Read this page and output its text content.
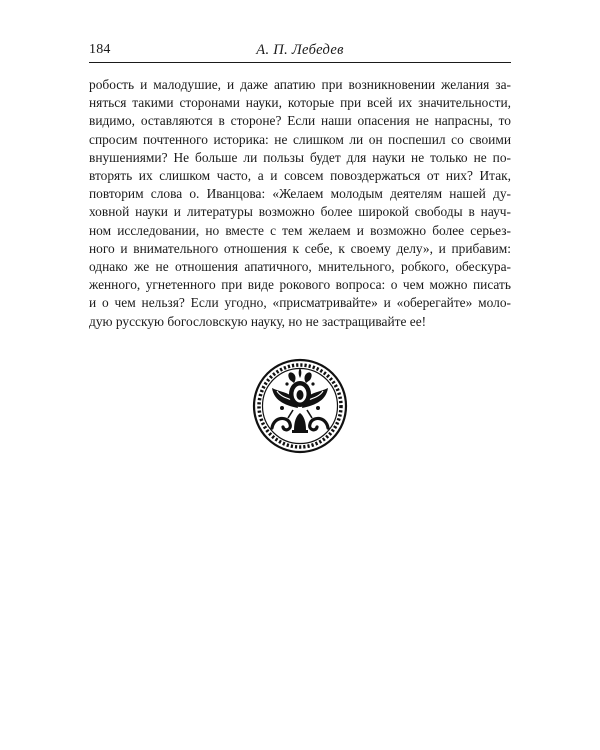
184	А. П. Лебедев
робость и малодушие, и даже апатию при возникновении желания за-
няться такими сторонами науки, которые при всей их значительности,
видимо, оставляются в стороне? Если наши опасения не напрасны, то
спросим почтенного историка: не слишком ли он поспешил со своими
внушениями? Не больше ли пользы будет для науки не только не по-
вторять их слишком часто, а и совсем повоздержаться от них? Итак,
повторим слова о. Иванцова: «Желаем молодым деятелям нашей ду-
ховной науки и литературы возможно более широкой свободы в науч-
ном исследовании, но вместе с тем желаем и возможно более серьез-
ного и внимательного отношения к себе, к своему делу», и прибавим:
однако же не отношения апатичного, мнительного, робкого, обескура-
женного, угнетенного при виде рокового вопроса: о чем можно писать
и о чем нельзя? Если угодно, «присматривайте» и «оберегайте» моло-
дую русскую богословскую науку, но не застращивайте ее!
